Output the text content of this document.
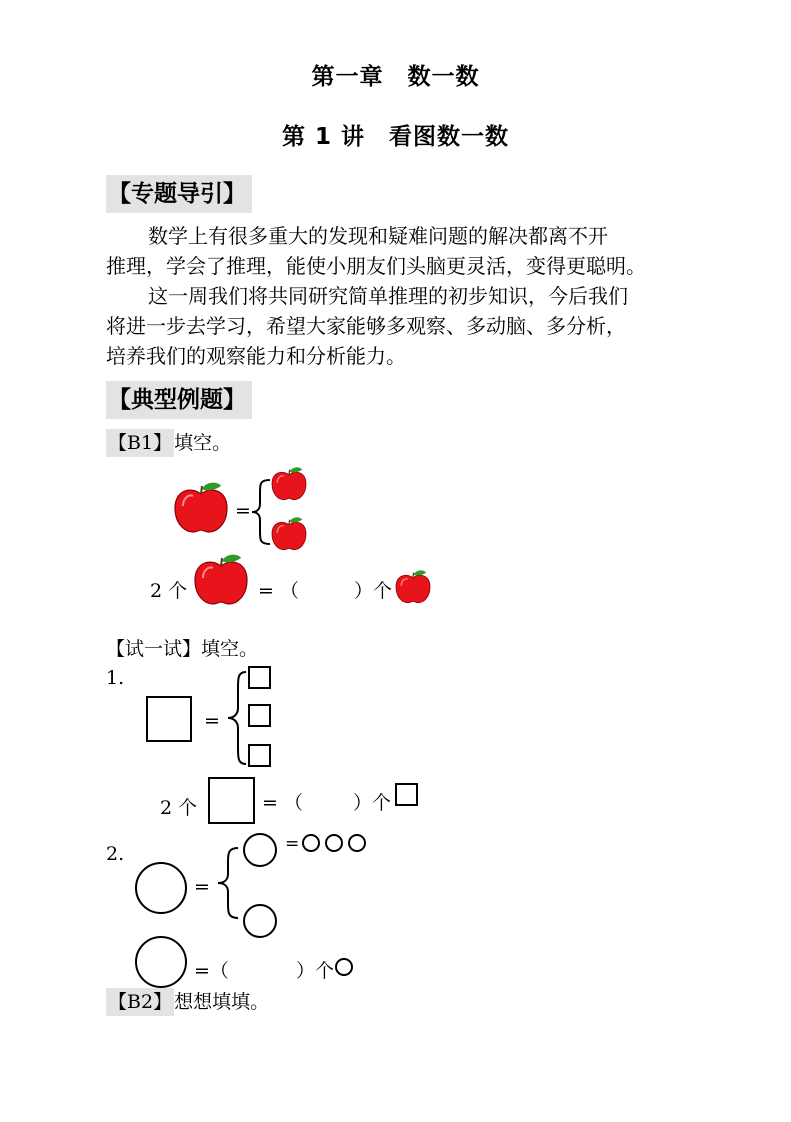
第一章　数一数
第 1 讲　看图数一数
【专题导引】
数学上有很多重大的发现和疑难问题的解决都离不开
推理，学会了推理，能使小朋友们头脑更灵活，变得更聪明。
这一周我们将共同研究简单推理的初步知识，今后我们
将进一步去学习，希望大家能够多观察、多动脑、多分析，
培养我们的观察能力和分析能力。
【典型例题】
【B1】 填空。
=
2 个	= （	）个
【试一试】填空。
1.
=
2 个	= （	）个
2.
=
=
=（	）个
【B2】 想想填填。
